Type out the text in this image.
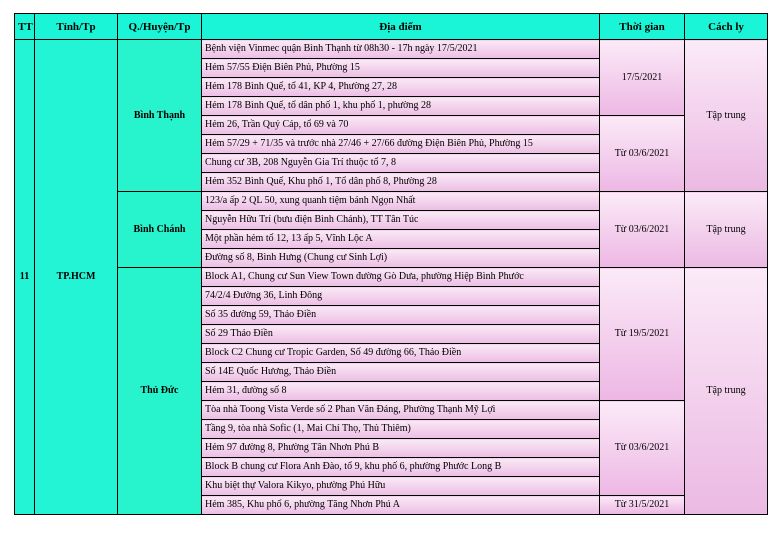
TT	Tỉnh/Tp	Q./Huyện/Tp	Địa điểm	Thời gian	Cách ly
11	TP.HCM	Bình Thạnh	Bệnh viện Vinmec quận Bình Thạnh từ 08h30 - 17h ngày 17/5/2021	17/5/2021	Tập trung
			Hẻm 57/55 Điện Biên Phủ, Phường 15		
			Hẻm 178 Bình Quế, tổ 41, KP 4, Phường 27, 28		
			Hẻm 178 Bình Quế, tổ dân phố 1, khu phố 1, phường 28		
			Hẻm 26, Trần Quý Cáp, tổ 69 và 70	Từ 03/6/2021	
			Hẻm 57/29 + 71/35 và trước nhà 27/46 + 27/66 đường Điện Biên Phủ, Phường 15		
			Chung cư 3B, 208 Nguyễn Gia Trí thuộc tổ 7, 8		
			Hẻm 352 Bình Quế, Khu phố 1, Tổ dân phố 8, Phường 28		
		Bình Chánh	123/a ấp 2 QL 50, xung quanh tiệm bánh Ngọn Nhất	Từ 03/6/2021	Tập trung
			Nguyễn Hữu Trí (bưu điện Bình Chánh), TT Tân Túc		
			Một phần hẻm tổ 12, 13 ấp 5, Vĩnh Lộc A		
			Đường số 8, Bình Hưng (Chung cư Sinh Lợi)		
		Thủ Đức	Block A1, Chung cư Sun View Town đường Gò Dưa, phường Hiệp Bình Phước	Từ 19/5/2021	Tập trung
			74/2/4 Đường 36, Linh Đông		
			Số 35 đường 59, Thảo Điền		
			Số 29 Thảo Điền		
			Block C2 Chung cư Tropic Garden, Số 49 đường 66, Thảo Điền		
			Số 14E Quốc Hương, Thảo Điền		
			Hẻm 31, đường số 8		
			Tòa nhà Toong Vista Verde số 2 Phan Văn Đáng, Phường Thạnh Mỹ Lợi	Từ 03/6/2021	
			Tầng 9, tòa nhà Sofic (1, Mai Chí Thọ, Thủ Thiêm)		
			Hẻm 97 đường 8, Phường Tân Nhơn Phú B		
			Block B chung cư Flora Anh Đào, tổ 9, khu phố 6, phường Phước Long B		
			Khu biệt thự Valora Kikyo, phường Phú Hữu		
			Hẻm 385, Khu phố 6, phường Tăng Nhơn Phú A	Từ 31/5/2021	
